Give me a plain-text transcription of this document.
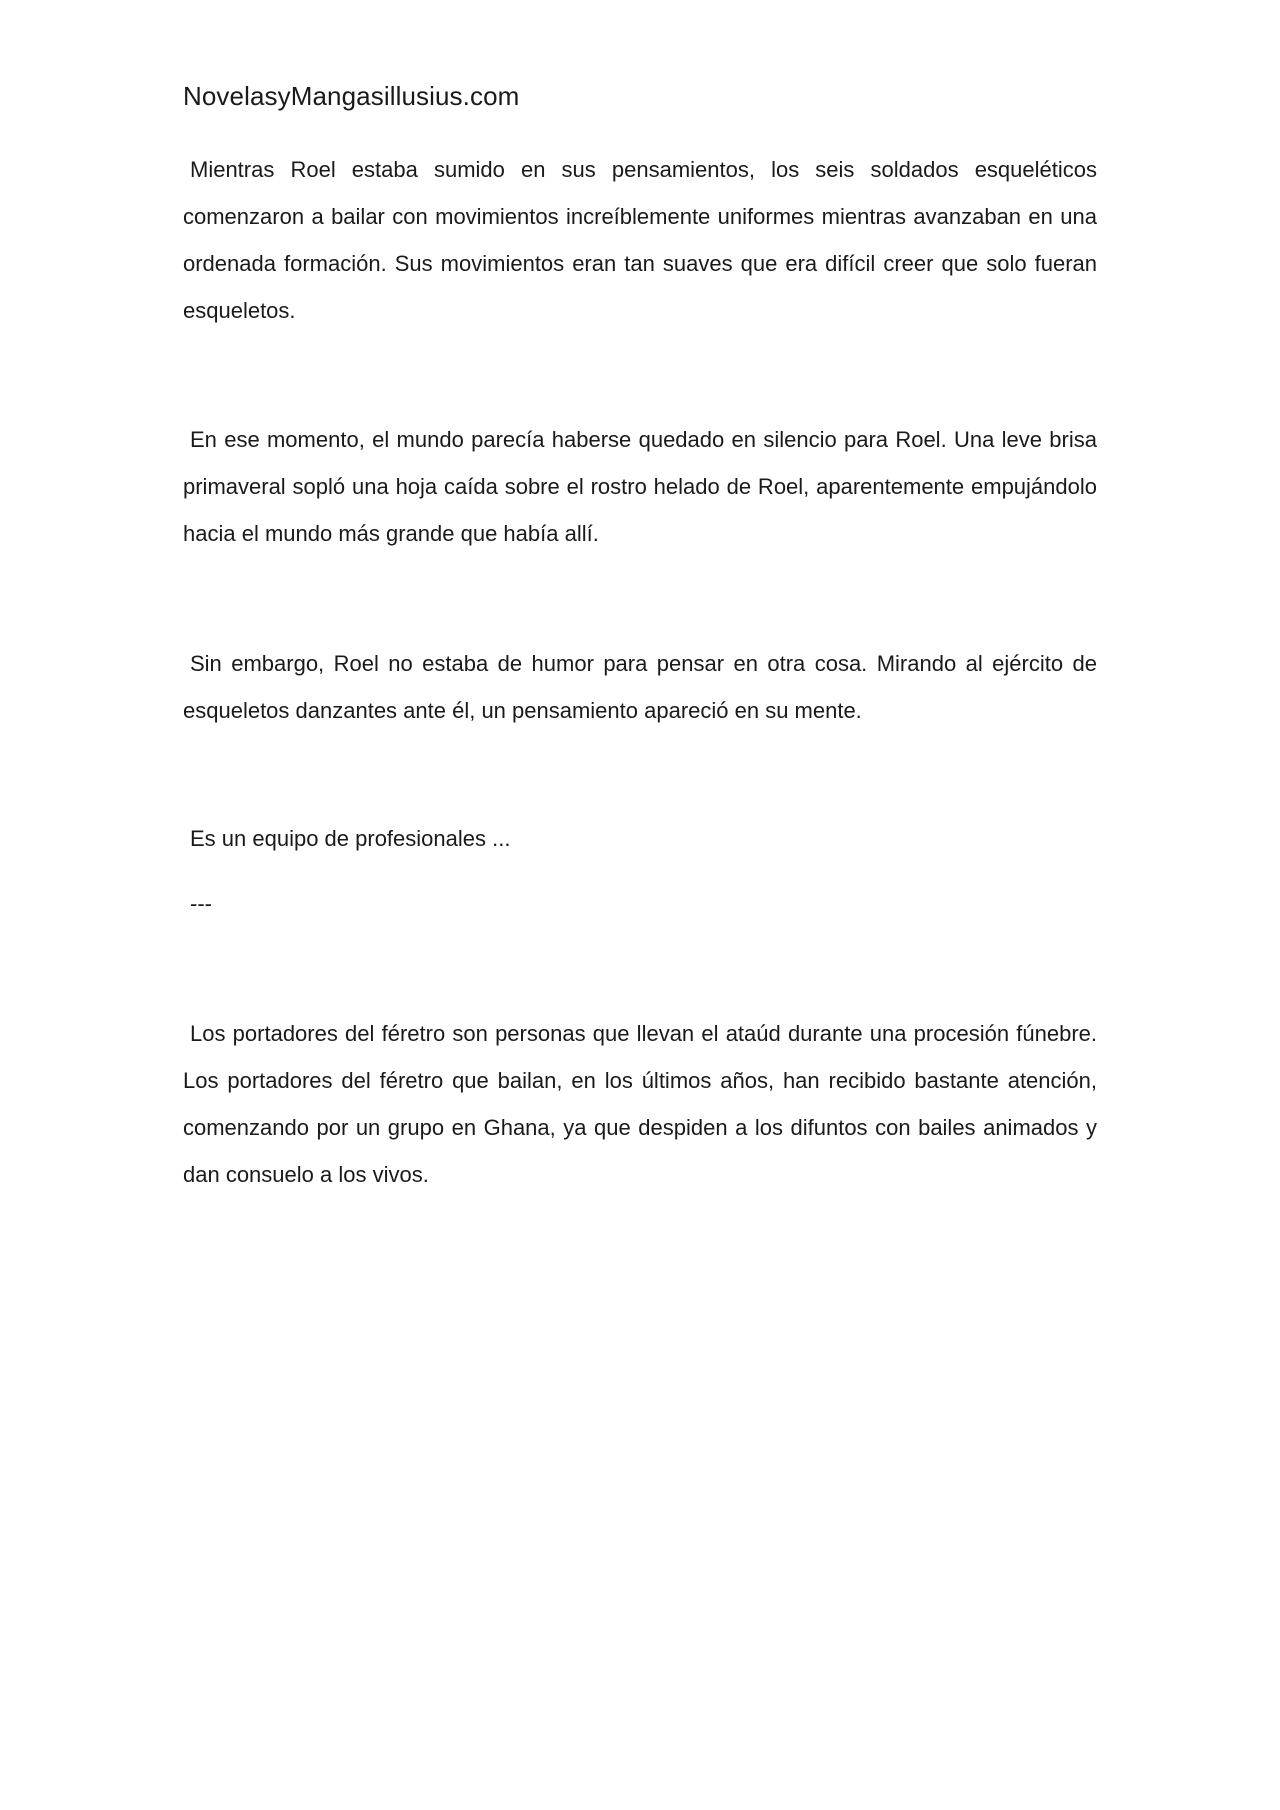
NovelasyMangasillusius.com

Mientras Roel estaba sumido en sus pensamientos, los seis soldados esqueléticos comenzaron a bailar con movimientos increíblemente uniformes mientras avanzaban en una ordenada formación. Sus movimientos eran tan suaves que era difícil creer que solo fueran esqueletos.

En ese momento, el mundo parecía haberse quedado en silencio para Roel. Una leve brisa primaveral sopló una hoja caída sobre el rostro helado de Roel, aparentemente empujándolo hacia el mundo más grande que había allí.

Sin embargo, Roel no estaba de humor para pensar en otra cosa. Mirando al ejército de esqueletos danzantes ante él, un pensamiento apareció en su mente.

Es un equipo de profesionales ...

---

Los portadores del féretro son personas que llevan el ataúd durante una procesión fúnebre. Los portadores del féretro que bailan, en los últimos años, han recibido bastante atención, comenzando por un grupo en Ghana, ya que despiden a los difuntos con bailes animados y dan consuelo a los vivos.
